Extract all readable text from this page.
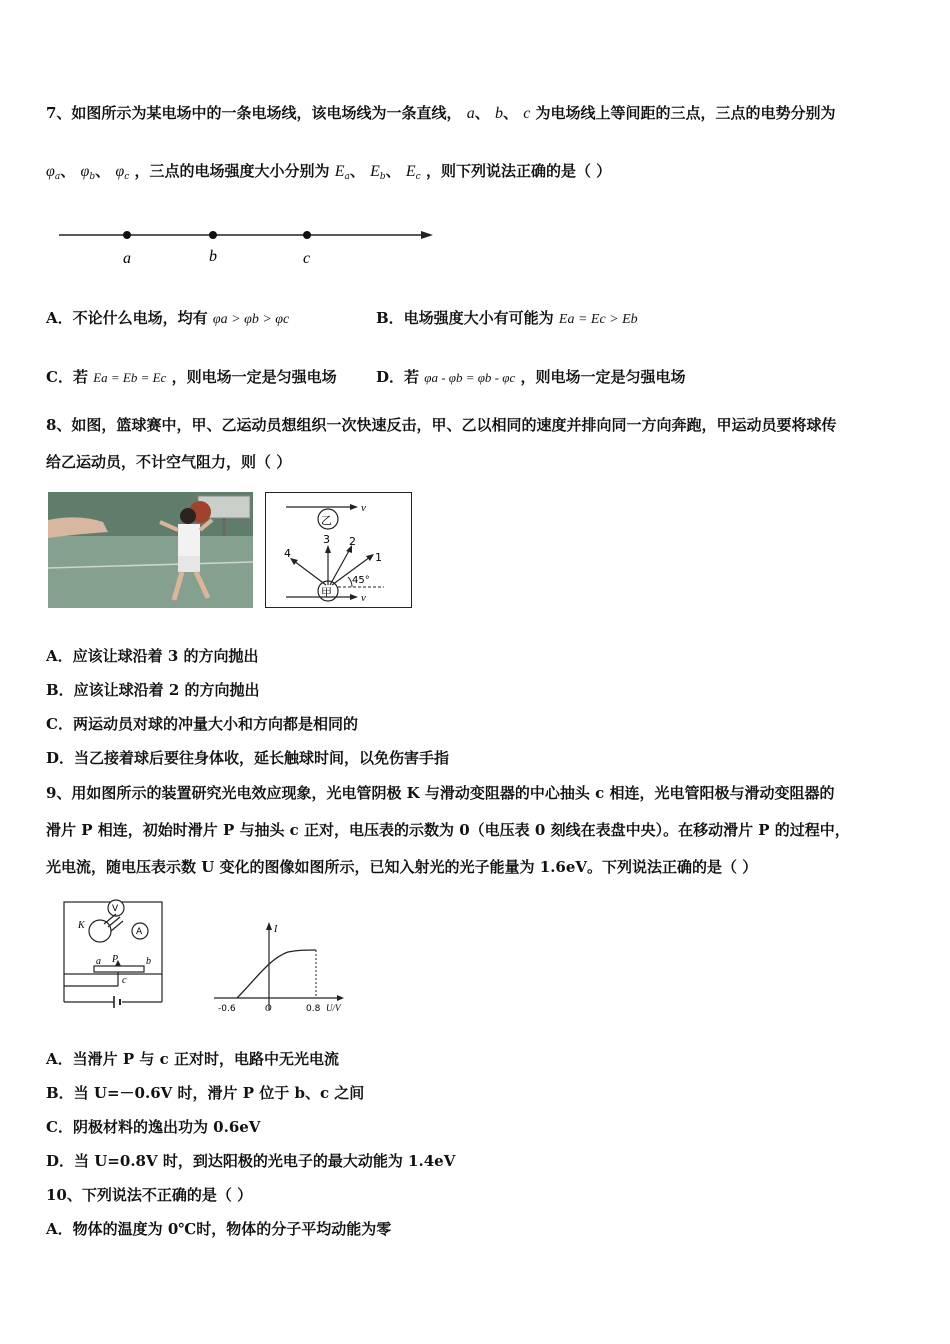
7、如图所示为某电场中的一条电场线，该电场线为一条直线， a、 b、 c 为电场线上等间距的三点，三点的电势分别为
$\varphi_a$、 $\varphi_b$、 $\varphi_c$ ，三点的电场强度大小分别为 $E_a$、 $E_b$、 $E_c$ ，则下列说法正确的是（ ）
a	b	c
A．不论什么电场，均有 φa > φb > φc	B．电场强度大小有可能为 Ea = Ec > Eb
C．若 Ea = Eb = Ec ，则电场一定是匀强电场	D．若 φa - φb = φb - φc ，则电场一定是匀强电场
8、如图，篮球赛中，甲、乙运动员想组织一次快速反击，甲、乙以相同的速度并排向同一方向奔跑，甲运动员要将球传
给乙运动员，不计空气阻力，则（ ）
v
乙
甲	v
3 2
1
4
45°
A．应该让球沿着 3 的方向抛出
B．应该让球沿着 2 的方向抛出
C．两运动员对球的冲量大小和方向都是相同的
D．当乙接着球后要往身体收，延长触球时间，以免伤害手指
9、用如图所示的装置研究光电效应现象，光电管阴极 K 与滑动变阻器的中心抽头 c 相连，光电管阳极与滑动变阻器的
滑片 P 相连，初始时滑片 P 与抽头 c 正对，电压表的示数为 0（电压表 0 刻线在表盘中央）。在移动滑片 P 的过程中，
光电流，随电压表示数 U 变化的图像如图所示，已知入射光的光子能量为 1.6eV。下列说法正确的是（ ）
V
A
K
a P	b
c
I
-0.6	O	0.8 U/V
A．当滑片 P 与 c 正对时，电路中无光电流
B．当 U=－0.6V 时，滑片 P 位于 b、c 之间
C．阴极材料的逸出功为 0.6eV
D．当 U=0.8V 时，到达阳极的光电子的最大动能为 1.4eV
10、下列说法不正确的是（ ）
A．物体的温度为 0℃时，物体的分子平均动能为零
